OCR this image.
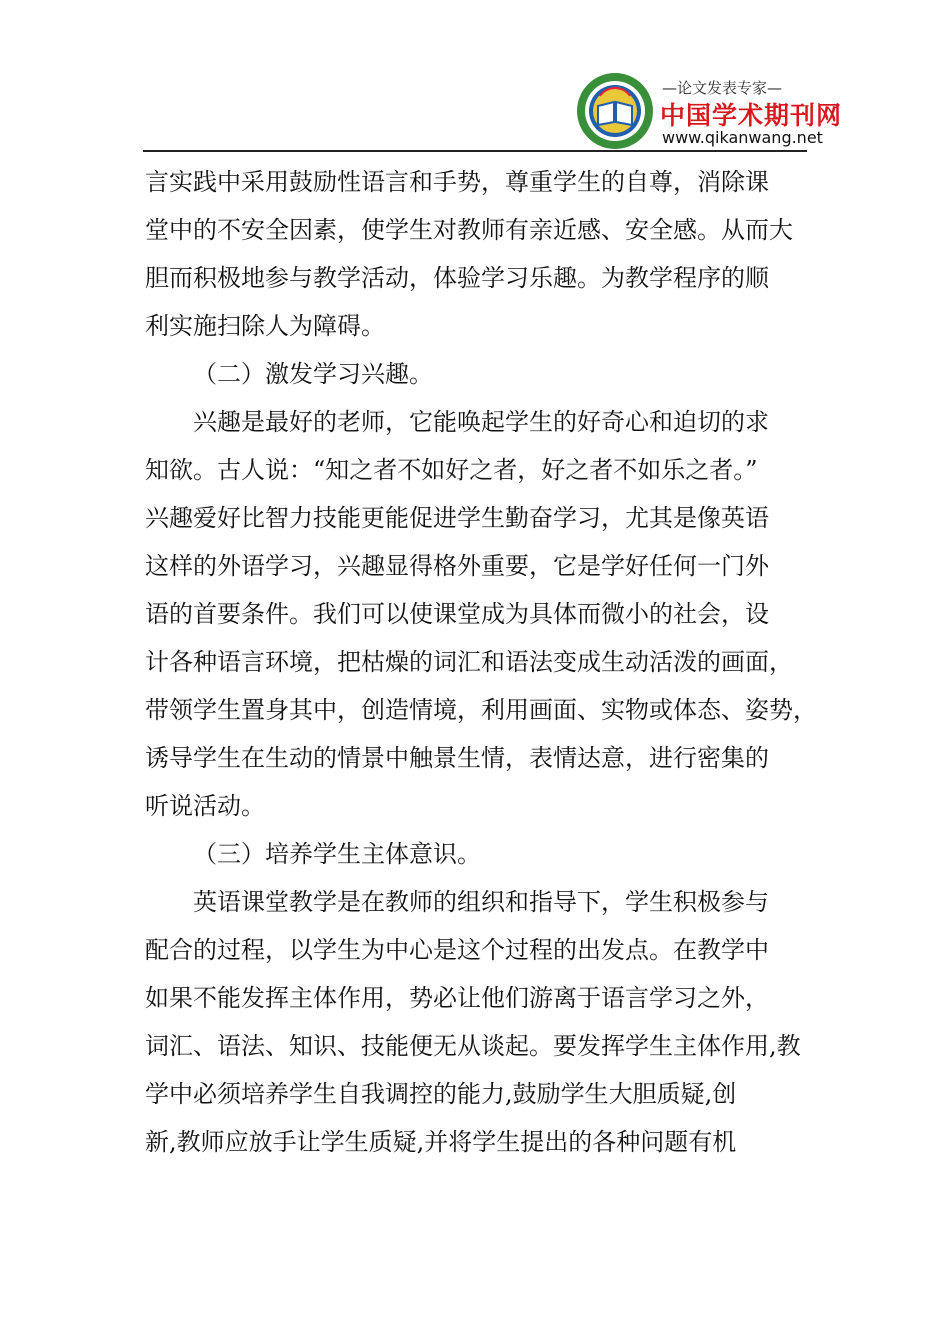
—论文发表专家—
中国学术期刊网
www.qikanwang.net
言实践中采用鼓励性语言和手势，尊重学生的自尊，消除课
堂中的不安全因素，使学生对教师有亲近感、安全感。从而大
胆而积极地参与教学活动，体验学习乐趣。为教学程序的顺
利实施扫除人为障碍。
（二）激发学习兴趣。
兴趣是最好的老师，它能唤起学生的好奇心和迫切的求
知欲。古人说：“知之者不如好之者，好之者不如乐之者。”
兴趣爱好比智力技能更能促进学生勤奋学习，尤其是像英语
这样的外语学习，兴趣显得格外重要，它是学好任何一门外
语的首要条件。我们可以使课堂成为具体而微小的社会，设
计各种语言环境，把枯燥的词汇和语法变成生动活泼的画面，
带领学生置身其中，创造情境，利用画面、实物或体态、姿势，
诱导学生在生动的情景中触景生情，表情达意，进行密集的
听说活动。
（三）培养学生主体意识。
英语课堂教学是在教师的组织和指导下，学生积极参与
配合的过程，以学生为中心是这个过程的出发点。在教学中
如果不能发挥主体作用，势必让他们游离于语言学习之外，
词汇、语法、知识、技能便无从谈起。要发挥学生主体作用,教
学中必须培养学生自我调控的能力,鼓励学生大胆质疑,创
新,教师应放手让学生质疑,并将学生提出的各种问题有机
